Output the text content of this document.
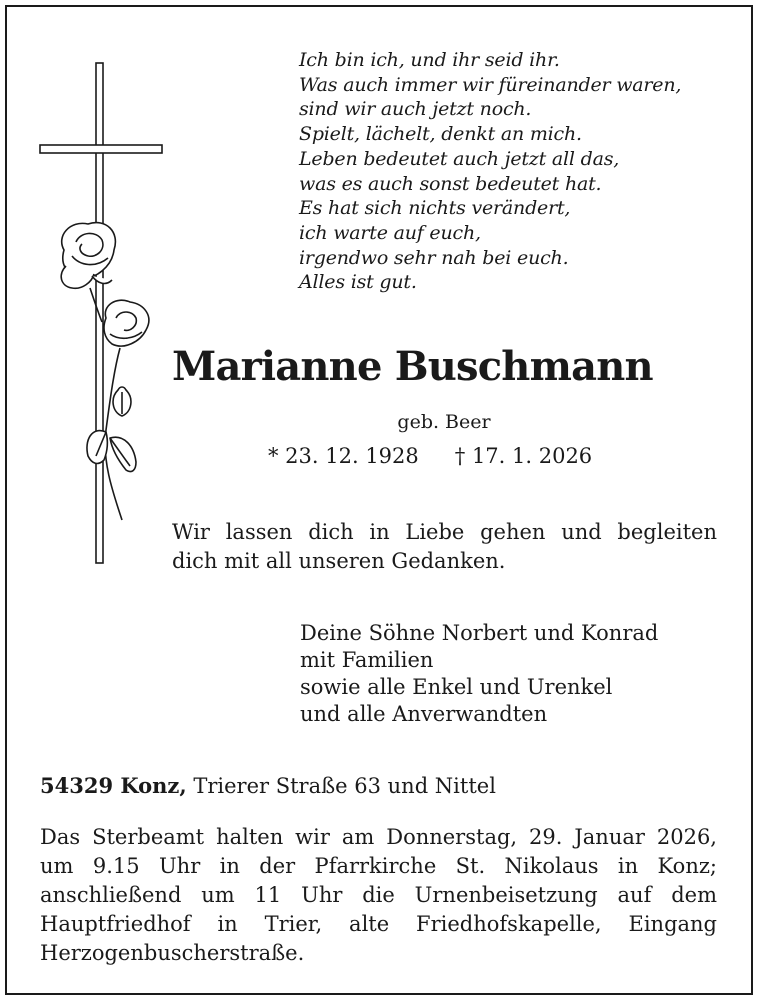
Ich bin ich, und ihr seid ihr.
Was auch immer wir füreinander waren,
sind wir auch jetzt noch.
Spielt, lächelt, denkt an mich.
Leben bedeutet auch jetzt all das,
was es auch sonst bedeutet hat.
Es hat sich nichts verändert,
ich warte auf euch,
irgendwo sehr nah bei euch.
Alles ist gut.
Marianne Buschmann
geb. Beer
* 23. 12. 1928 † 17. 1. 2026
Wir lassen dich in Liebe gehen und begleiten
dich mit all unseren Gedanken.
Deine Söhne Norbert und Konrad
mit Familien
sowie alle Enkel und Urenkel
und alle Anverwandten
54329 Konz, Trierer Straße 63 und Nittel
Das Sterbeamt halten wir am Donnerstag, 29. Januar 2026,
um 9.15 Uhr in der Pfarrkirche St. Nikolaus in Konz;
anschließend um 11 Uhr die Urnenbeisetzung auf dem
Hauptfriedhof in Trier, alte Friedhofskapelle, Eingang
Herzogenbuscherstraße.
